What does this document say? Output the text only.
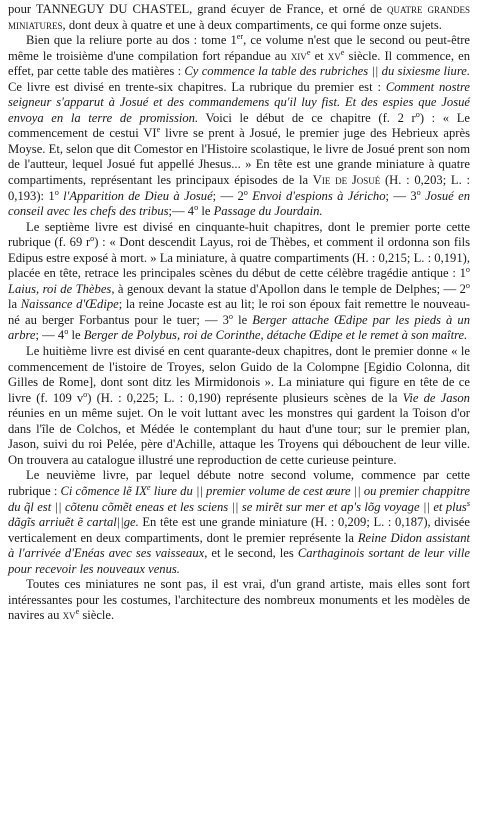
pour TANNEGUY DU CHASTEL, grand écuyer de France, et orné de quatre grandes miniatures, dont deux à quatre et une à deux compartiments, ce qui forme onze sujets.

Bien que la reliure porte au dos : tome 1er, ce volume n'est que le second ou peut-être même le troisième d'une compilation fort répandue au xiv$^e$ et $xv^e$ siècle. Il commence, en effet, par cette table des matières : Cy commence la table des rubriches || du sixiesme liure. Ce livre est divisé en trente-six chapitres. La rubrique du premier est : Comment nostre seigneur s'apparut à Josué et des commandemens qu'il luy fist. Et des espies que Josué envoya en la terre de promission. Voici le début de ce chapitre (f. 2 $r^o$) : « Le commencement de cestui VIe livre se prent à Josué, le premier juge des Hebrieux après Moyse. Et, selon que dit Comestor en l'Histoire scolastique, le livre de Josué prent son nom de l'autteur, lequel Josué fut appellé Jhesus... » En tête est une grande miniature à quatre compartiments, représentant les principaux épisodes de la Vie de Josué (H. : 0,203; L. : 0,193): 1$^o$ l'Apparition de Dieu à Josué; — 2$^o$ Envoi d'espions à Jéricho; — 3$^o$ Josué en conseil avec les chefs des tribus;— 4$^o$ le Passage du Jourdain.

Le septième livre est divisé en cinquante-huit chapitres, dont le premier porte cette rubrique (f. 69 $r^o$) : « Dont descendit Layus, roi de Thèbes, et comment il ordonna son fils Edipus estre exposé à mort. » La miniature, à quatre compartiments (H. : 0,215; L. : 0,191), placée en tête, retrace les principales scènes du début de cette célèbre tragédie antique : 1$^o$ Laius, roi de Thèbes, à genoux devant la statue d'Apollon dans le temple de Delphes; — 2$^o$ la Naissance d'Œdipe; la reine Jocaste est au lit; le roi son époux fait remettre le nouveau-né au berger Forbantus pour le tuer; — 3$^o$ le Berger attache Œdipe par les pieds à un arbre; — 4$^o$ le Berger de Polybus, roi de Corinthe, détache Œdipe et le remet à son maître.

Le huitième livre est divisé en cent quarante-deux chapitres, dont le premier donne « le commencement de l'istoire de Troyes, selon Guido de la Colompne [Egidio Colonna, dit Gilles de Rome], dont sont ditz les Mirmidonois ». La miniature qui figure en tête de ce livre (f. 109 $v^o$) (H. : 0,225; L. : 0,190) représente plusieurs scènes de la Vie de Jason réunies en un même sujet. On le voit luttant avec les monstres qui gardent la Toison d'or dans l'île de Colchos, et Médée le contemplant du haut d'une tour; sur le premier plan, Jason, suivi du roi Pelée, père d'Achille, attaque les Troyens qui débouchent de leur ville. On trouvera au catalogue illustré une reproduction de cette curieuse peinture.

Le neuvième livre, par lequel débute notre second volume, commence par cette rubrique : Ci cõmence lẽ IXe liure du || premier volume de cest œure || ou premier chappitre du q̃l est || cõtenu cõmẽt eneas et les sciens || se mirẽt sur mer et ap's lõg voyage || et plus$^s$ dãgĩs arriuẽt ẽ cartal||ge. En tête est une grande miniature (H. : 0,209; L. : 0,187), divisée verticalement en deux compartiments, dont le premier représente la Reine Didon assistant à l'arrivée d'Enéas avec ses vaisseaux, et le second, les Carthaginois sortant de leur ville pour recevoir les nouveaux venus.

Toutes ces miniatures ne sont pas, il est vrai, d'un grand artiste, mais elles sont fort intéressantes pour les costumes, l'architecture des nombreux monuments et les modèles de navires au $xv^e$ siècle.
